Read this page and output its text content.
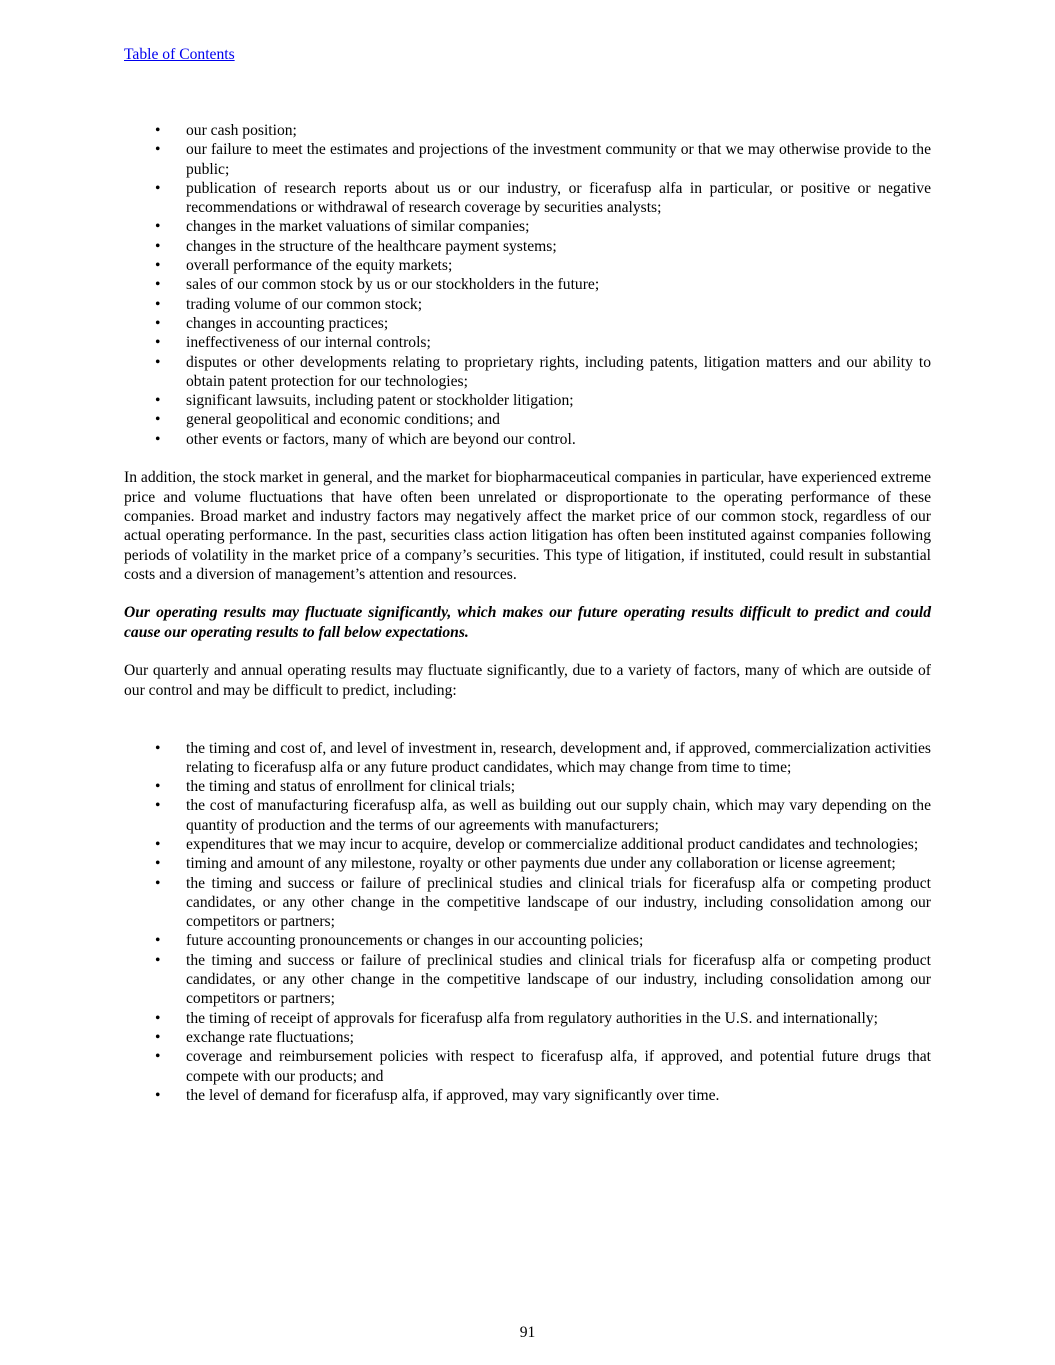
Table of Contents
• our cash position;
• our failure to meet the estimates and projections of the investment community or that we may otherwise provide to the public;
• publication of research reports about us or our industry, or ficerafusp alfa in particular, or positive or negative recommendations or withdrawal of research coverage by securities analysts;
• changes in the market valuations of similar companies;
• changes in the structure of the healthcare payment systems;
• overall performance of the equity markets;
• sales of our common stock by us or our stockholders in the future;
• trading volume of our common stock;
• changes in accounting practices;
• ineffectiveness of our internal controls;
• disputes or other developments relating to proprietary rights, including patents, litigation matters and our ability to obtain patent protection for our technologies;
• significant lawsuits, including patent or stockholder litigation;
• general geopolitical and economic conditions; and
• other events or factors, many of which are beyond our control.

In addition, the stock market in general, and the market for biopharmaceutical companies in particular, have experienced extreme price and volume fluctuations that have often been unrelated or disproportionate to the operating performance of these companies. Broad market and industry factors may negatively affect the market price of our common stock, regardless of our actual operating performance. In the past, securities class action litigation has often been instituted against companies following periods of volatility in the market price of a company’s securities. This type of litigation, if instituted, could result in substantial costs and a diversion of management’s attention and resources.

Our operating results may fluctuate significantly, which makes our future operating results difficult to predict and could cause our operating results to fall below expectations.

Our quarterly and annual operating results may fluctuate significantly, due to a variety of factors, many of which are outside of our control and may be difficult to predict, including:

• the timing and cost of, and level of investment in, research, development and, if approved, commercialization activities relating to ficerafusp alfa or any future product candidates, which may change from time to time;
• the timing and status of enrollment for clinical trials;
• the cost of manufacturing ficerafusp alfa, as well as building out our supply chain, which may vary depending on the quantity of production and the terms of our agreements with manufacturers;
• expenditures that we may incur to acquire, develop or commercialize additional product candidates and technologies;
• timing and amount of any milestone, royalty or other payments due under any collaboration or license agreement;
• the timing and success or failure of preclinical studies and clinical trials for ficerafusp alfa or competing product candidates, or any other change in the competitive landscape of our industry, including consolidation among our competitors or partners;
• future accounting pronouncements or changes in our accounting policies;
• the timing and success or failure of preclinical studies and clinical trials for ficerafusp alfa or competing product candidates, or any other change in the competitive landscape of our industry, including consolidation among our competitors or partners;
• the timing of receipt of approvals for ficerafusp alfa from regulatory authorities in the U.S. and internationally;
• exchange rate fluctuations;
• coverage and reimbursement policies with respect to ficerafusp alfa, if approved, and potential future drugs that compete with our products; and
• the level of demand for ficerafusp alfa, if approved, may vary significantly over time.
91
